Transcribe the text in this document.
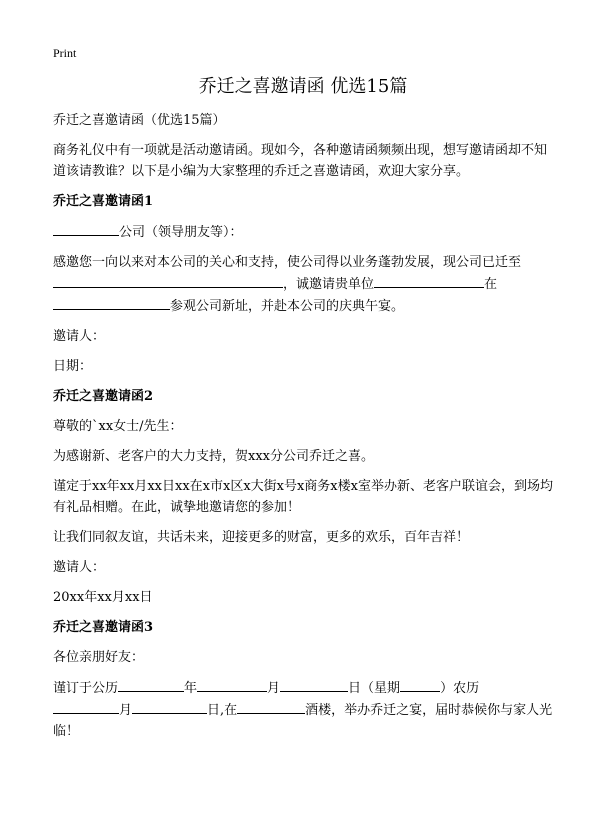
Print
乔迁之喜邀请函 优选15篇

乔迁之喜邀请函（优选15篇）

商务礼仪中有一项就是活动邀请函。现如今，各种邀请函频频出现，想写邀请函却不知道该请教谁？以下是小编为大家整理的乔迁之喜邀请函，欢迎大家分享。

乔迁之喜邀请函1

公司（领导朋友等）：

感邀您一向以来对本公司的关心和支持，使公司得以业务蓬勃发展，现公司已迁至，诚邀请贵单位	在
参观公司新址，并赴本公司的庆典午宴。

邀请人：

日期：

乔迁之喜邀请函2

尊敬的`xx女士/先生：

为感谢新、老客户的大力支持，贺xxx分公司乔迁之喜。

谨定于xx年xx月xx日xx在x市x区x大街x号x商务x楼x室举办新、老客户联谊会，到场均有礼品相赠。在此，诚挚地邀请您的参加！

让我们同叙友谊，共话未来，迎接更多的财富，更多的欢乐，百年吉祥！

邀请人：

20xx年xx月xx日

乔迁之喜邀请函3

各位亲朋好友：

谨订于公历	年	月	日（星期	）农历
月	日,在	酒楼，举办乔迁之宴，届时恭候你与家人光临！
